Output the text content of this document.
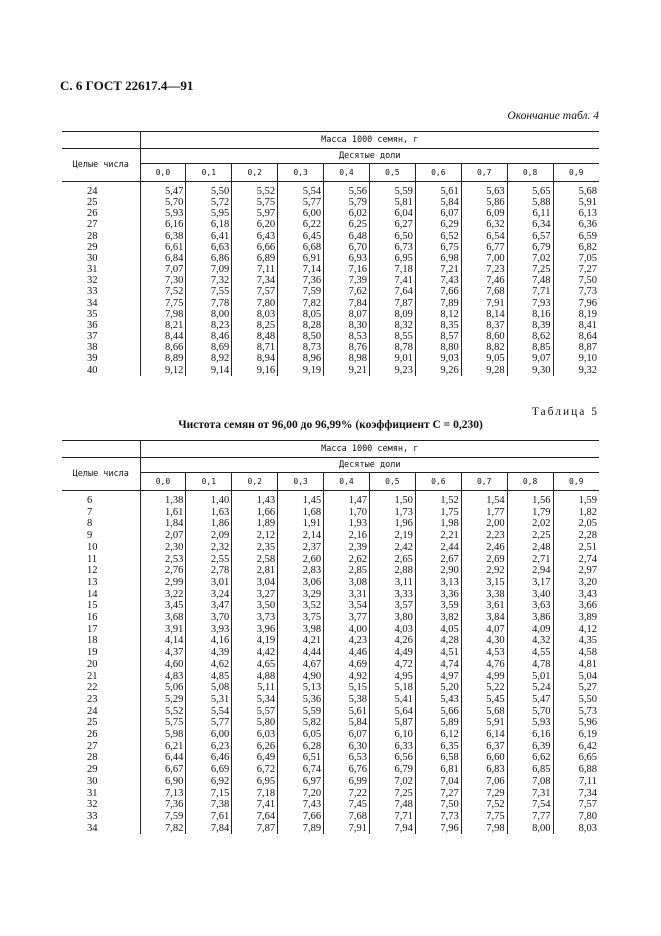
С. 6 ГОСТ 22617.4—91
Окончание табл. 4
	Масса 1000 семян, г									
Целые числа	Десятые доли									
	0,0	0,1	0,2	0,3	0,4	0,5	0,6	0,7	0,8	0,9
24	5,47	5,50	5,52	5,54	5,56	5,59	5,61	5,63	5,65	5,68
25	5,70	5,72	5,75	5,77	5,79	5,81	5,84	5,86	5,88	5,91
26	5,93	5,95	5,97	6,00	6,02	6,04	6,07	6,09	6,11	6,13
27	6,16	6,18	6,20	6,22	6,25	6,27	6,29	6,32	6,34	6,36
28	6,38	6,41	6,43	6,45	6,48	6,50	6,52	6,54	6,57	6,59
29	6,61	6,63	6,66	6,68	6,70	6,73	6,75	6,77	6,79	6,82
30	6,84	6,86	6,89	6,91	6,93	6,95	6,98	7,00	7,02	7,05
31	7,07	7,09	7,11	7,14	7,16	7,18	7,21	7,23	7,25	7,27
32	7,30	7,32	7,34	7,36	7,39	7,41	7,43	7,46	7,48	7,50
33	7,52	7,55	7,57	7,59	7,62	7,64	7,66	7,68	7,71	7,73
34	7,75	7,78	7,80	7,82	7,84	7,87	7,89	7,91	7,93	7,96
35	7,98	8,00	8,03	8,05	8,07	8,09	8,12	8,14	8,16	8,19
36	8,21	8,23	8,25	8,28	8,30	8,32	8,35	8,37	8,39	8,41
37	8,44	8,46	8,48	8,50	8,53	8,55	8,57	8,60	8,62	8,64
38	8,66	8,69	8,71	8,73	8,76	8,78	8,80	8,82	8,85	8,87
39	8,89	8,92	8,94	8,96	8,98	9,01	9,03	9,05	9,07	9,10
40	9,12	9,14	9,16	9,19	9,21	9,23	9,26	9,28	9,30	9,32
Таблица 5
Чистота семян от 96,00 до 96,99% (коэффициент C = 0,230)
	Масса 1000 семян, г									
Целые числа	Десятые доли									
	0,0	0,1	0,2	0,3	0,4	0,5	0,6	0,7	0,8	0,9
6	1,38	1,40	1,43	1,45	1,47	1,50	1,52	1,54	1,56	1,59
7	1,61	1,63	1,66	1,68	1,70	1,73	1,75	1,77	1,79	1,82
8	1,84	1,86	1,89	1,91	1,93	1,96	1,98	2,00	2,02	2,05
9	2,07	2,09	2,12	2,14	2,16	2,19	2,21	2,23	2,25	2,28
10	2,30	2,32	2,35	2,37	2,39	2,42	2,44	2,46	2,48	2,51
11	2,53	2,55	2,58	2,60	2,62	2,65	2,67	2,69	2,71	2,74
12	2,76	2,78	2,81	2,83	2,85	2,88	2,90	2,92	2,94	2,97
13	2,99	3,01	3,04	3,06	3,08	3,11	3,13	3,15	3,17	3,20
14	3,22	3,24	3,27	3,29	3,31	3,33	3,36	3,38	3,40	3,43
15	3,45	3,47	3,50	3,52	3,54	3,57	3,59	3,61	3,63	3,66
16	3,68	3,70	3,73	3,75	3,77	3,80	3,82	3,84	3,86	3,89
17	3,91	3,93	3,96	3,98	4,00	4,03	4,05	4,07	4,09	4,12
18	4,14	4,16	4,19	4,21	4,23	4,26	4,28	4,30	4,32	4,35
19	4,37	4,39	4,42	4,44	4,46	4,49	4,51	4,53	4,55	4,58
20	4,60	4,62	4,65	4,67	4,69	4,72	4,74	4,76	4,78	4,81
21	4,83	4,85	4,88	4,90	4,92	4,95	4,97	4,99	5,01	5,04
22	5,06	5,08	5,11	5,13	5,15	5,18	5,20	5,22	5,24	5,27
23	5,29	5,31	5,34	5,36	5,38	5,41	5,43	5,45	5,47	5,50
24	5,52	5,54	5,57	5,59	5,61	5,64	5,66	5,68	5,70	5,73
25	5,75	5,77	5,80	5,82	5,84	5,87	5,89	5,91	5,93	5,96
26	5,98	6,00	6,03	6,05	6,07	6,10	6,12	6,14	6,16	6,19
27	6,21	6,23	6,26	6,28	6,30	6,33	6,35	6,37	6,39	6,42
28	6,44	6,46	6,49	6,51	6,53	6,56	6,58	6,60	6,62	6,65
29	6,67	6,69	6,72	6,74	6,76	6,79	6,81	6,83	6,85	6,88
30	6,90	6,92	6,95	6,97	6,99	7,02	7,04	7,06	7,08	7,11
31	7,13	7,15	7,18	7,20	7,22	7,25	7,27	7,29	7,31	7,34
32	7,36	7,38	7,41	7,43	7,45	7,48	7,50	7,52	7,54	7,57
33	7,59	7,61	7,64	7,66	7,68	7,71	7,73	7,75	7,77	7,80
34	7,82	7,84	7,87	7,89	7,91	7,94	7,96	7,98	8,00	8,03
